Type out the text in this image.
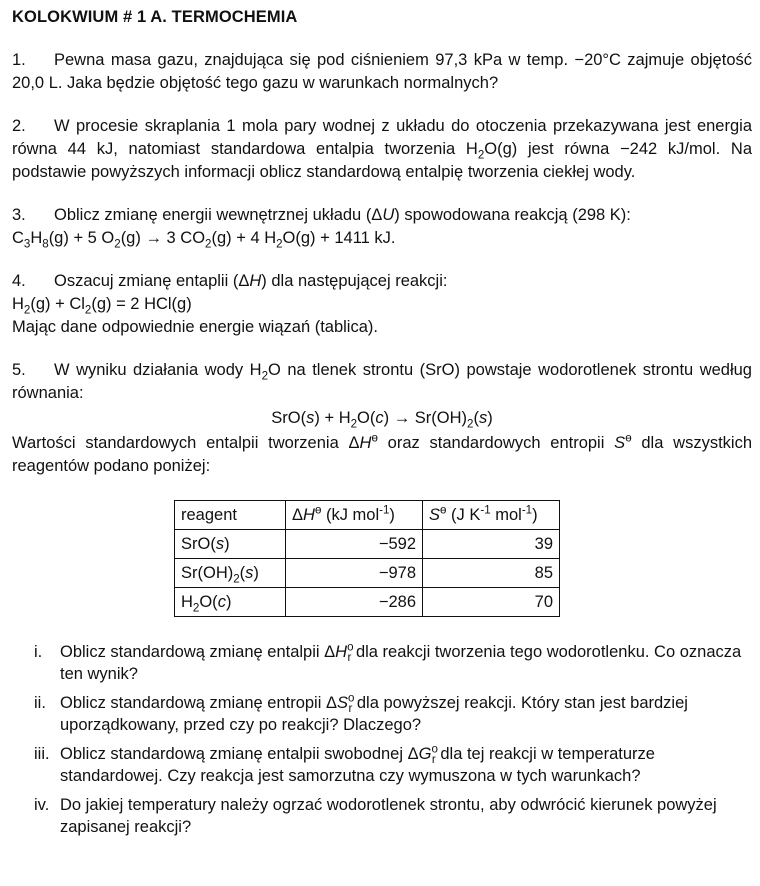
KOLOKWIUM # 1 A. TERMOCHEMIA

1. Pewna masa gazu, znajdująca się pod ciśnieniem 97,3 kPa w temp. −20°C zajmuje objętość 20,0 L. Jaka będzie objętość tego gazu w warunkach normalnych?

2. W procesie skraplania 1 mola pary wodnej z układu do otoczenia przekazywana jest energia równa 44 kJ, natomiast standardowa entalpia tworzenia $H_2O(g)$ jest równa −242 kJ/mol. Na podstawie powyższych informacji oblicz standardową entalpię tworzenia ciekłej wody.

3. Oblicz zmianę energii wewnętrznej układu (ΔU) spowodowana reakcją (298 K):

$C_3H_8(g) + 5$ $O_2(g) \to 3$ $CO_2(g) + 4$ $H_2O(g) + 1411$ kJ.

4. Oszacuj zmianę entaplii (ΔH) dla następującej reakcji:

$H_2(g) + Cl_2(g) = 2$ HCl(g)

Mając dane odpowiednie energie wiązań (tablica).

5. W wyniku działania wody $H_2O$ na tlenek strontu (SrO) powstaje wodorotlenek strontu według równania:

$SrO(s) + H_2O(c) \to Sr(OH)_2(s)$

Wartości standardowych entalpii tworzenia $\Delta H^ө$ oraz standardowych entropii $S^ө$ dla wszystkich reagentów podano poniżej:

reagent	$\Delta H^ө$ (kJ mol$^{-1}$)	$S^ө$ (J $K^{-1}$ mol$^{-1}$)
SrO(s)	−592	39
$Sr(OH)_2(s)$	−978	85
$H_2O(c)$	−286	70
i. Oblicz standardową zmianę entalpii $\Delta H^o_r$ dla reakcji tworzenia tego wodorotlenku. Co oznacza ten wynik?
ii. Oblicz standardową zmianę entropii $\Delta S^o_r$ dla powyższej reakcji. Który stan jest bardziej uporządkowany, przed czy po reakcji? Dlaczego?
iii. Oblicz standardową zmianę entalpii swobodnej $\Delta G^o_r$ dla tej reakcji w temperaturze standardowej. Czy reakcja jest samorzutna czy wymuszona w tych warunkach?
iv. Do jakiej temperatury należy ogrzać wodorotlenek strontu, aby odwrócić kierunek powyżej zapisanej reakcji?
